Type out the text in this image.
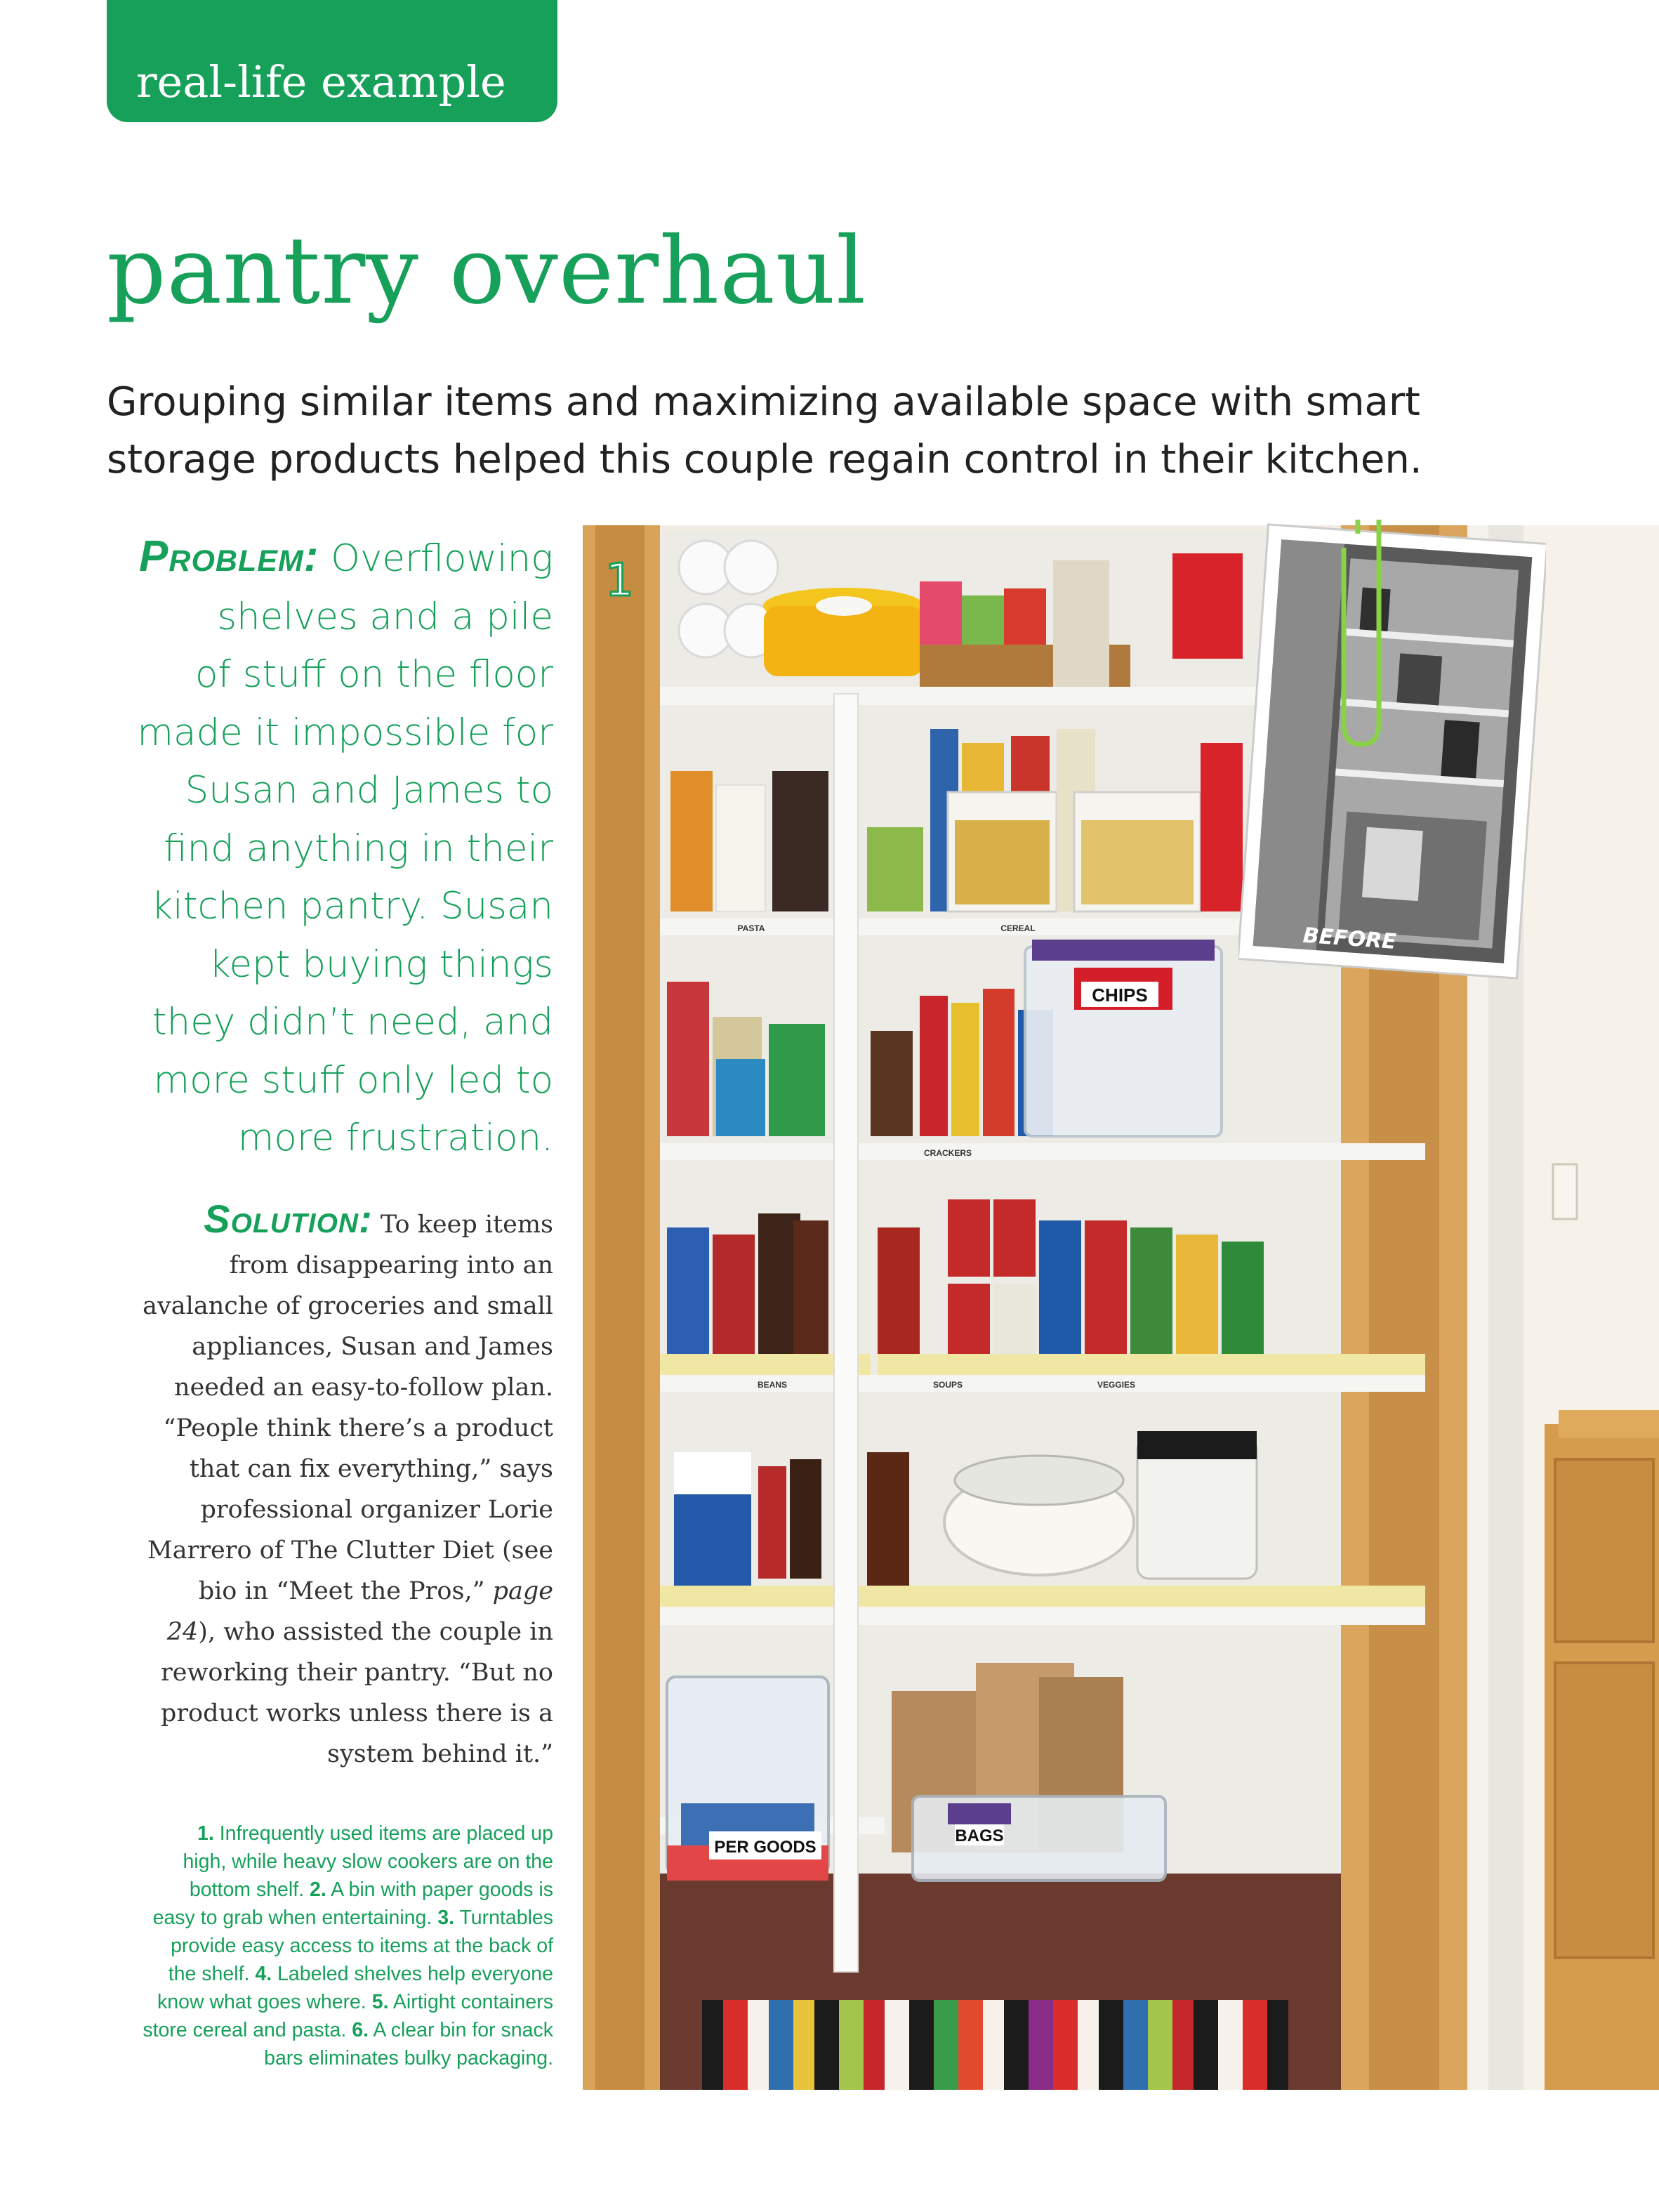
real-life example
pantry overhaul
Grouping similar items and maximizing available space with smart
storage products helped this couple regain control in their kitchen.
Problem: Overflowing
shelves and a pile
of stuff on the floor
made it impossible for
Susan and James to
find anything in their
kitchen pantry. Susan
kept buying things
they didn’t need, and
more stuff only led to
more frustration.
Solution: To keep items
from disappearing into an
avalanche of groceries and small
appliances, Susan and James
needed an easy-to-follow plan.
“People think there’s a product
that can fix everything,” says
professional organizer Lorie
Marrero of The Clutter Diet (see
bio in “Meet the Pros,” page
24), who assisted the couple in
reworking their pantry. “But no
product works unless there is a
system behind it.”
1. Infrequently used items are placed up
high, while heavy slow cookers are on the
bottom shelf. 2. A bin with paper goods is
easy to grab when entertaining. 3. Turntables
provide easy access to items at the back of
the shelf. 4. Labeled shelves help everyone
know what goes where. 5. Airtight containers
store cereal and pasta. 6. A clear bin for snack
bars eliminates bulky packaging.
CHIPS
PER GOODS
BAGS
PASTA	CEREAL
CRACKERS
SOUPS	VEGGIES
BEANS
1
BEFORE
